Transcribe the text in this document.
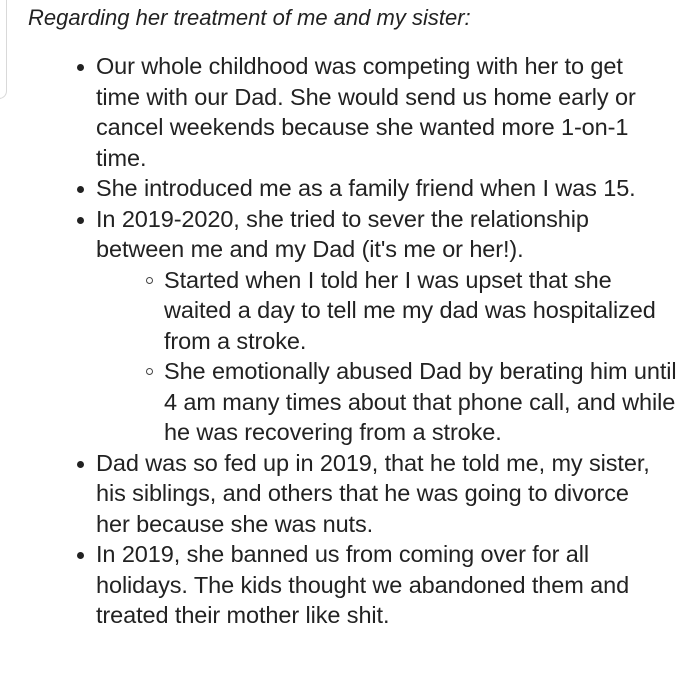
Regarding her treatment of me and my sister:
Our whole childhood was competing with her to get time with our Dad. She would send us home early or cancel weekends because she wanted more 1-on-1 time.
She introduced me as a family friend when I was 15.
In 2019-2020, she tried to sever the relationship between me and my Dad (it's me or her!).
Started when I told her I was upset that she waited a day to tell me my dad was hospitalized from a stroke.
She emotionally abused Dad by berating him until 4 am many times about that phone call, and while he was recovering from a stroke.
Dad was so fed up in 2019, that he told me, my sister, his siblings, and others that he was going to divorce her because she was nuts.
In 2019, she banned us from coming over for all holidays. The kids thought we abandoned them and treated their mother like shit.
